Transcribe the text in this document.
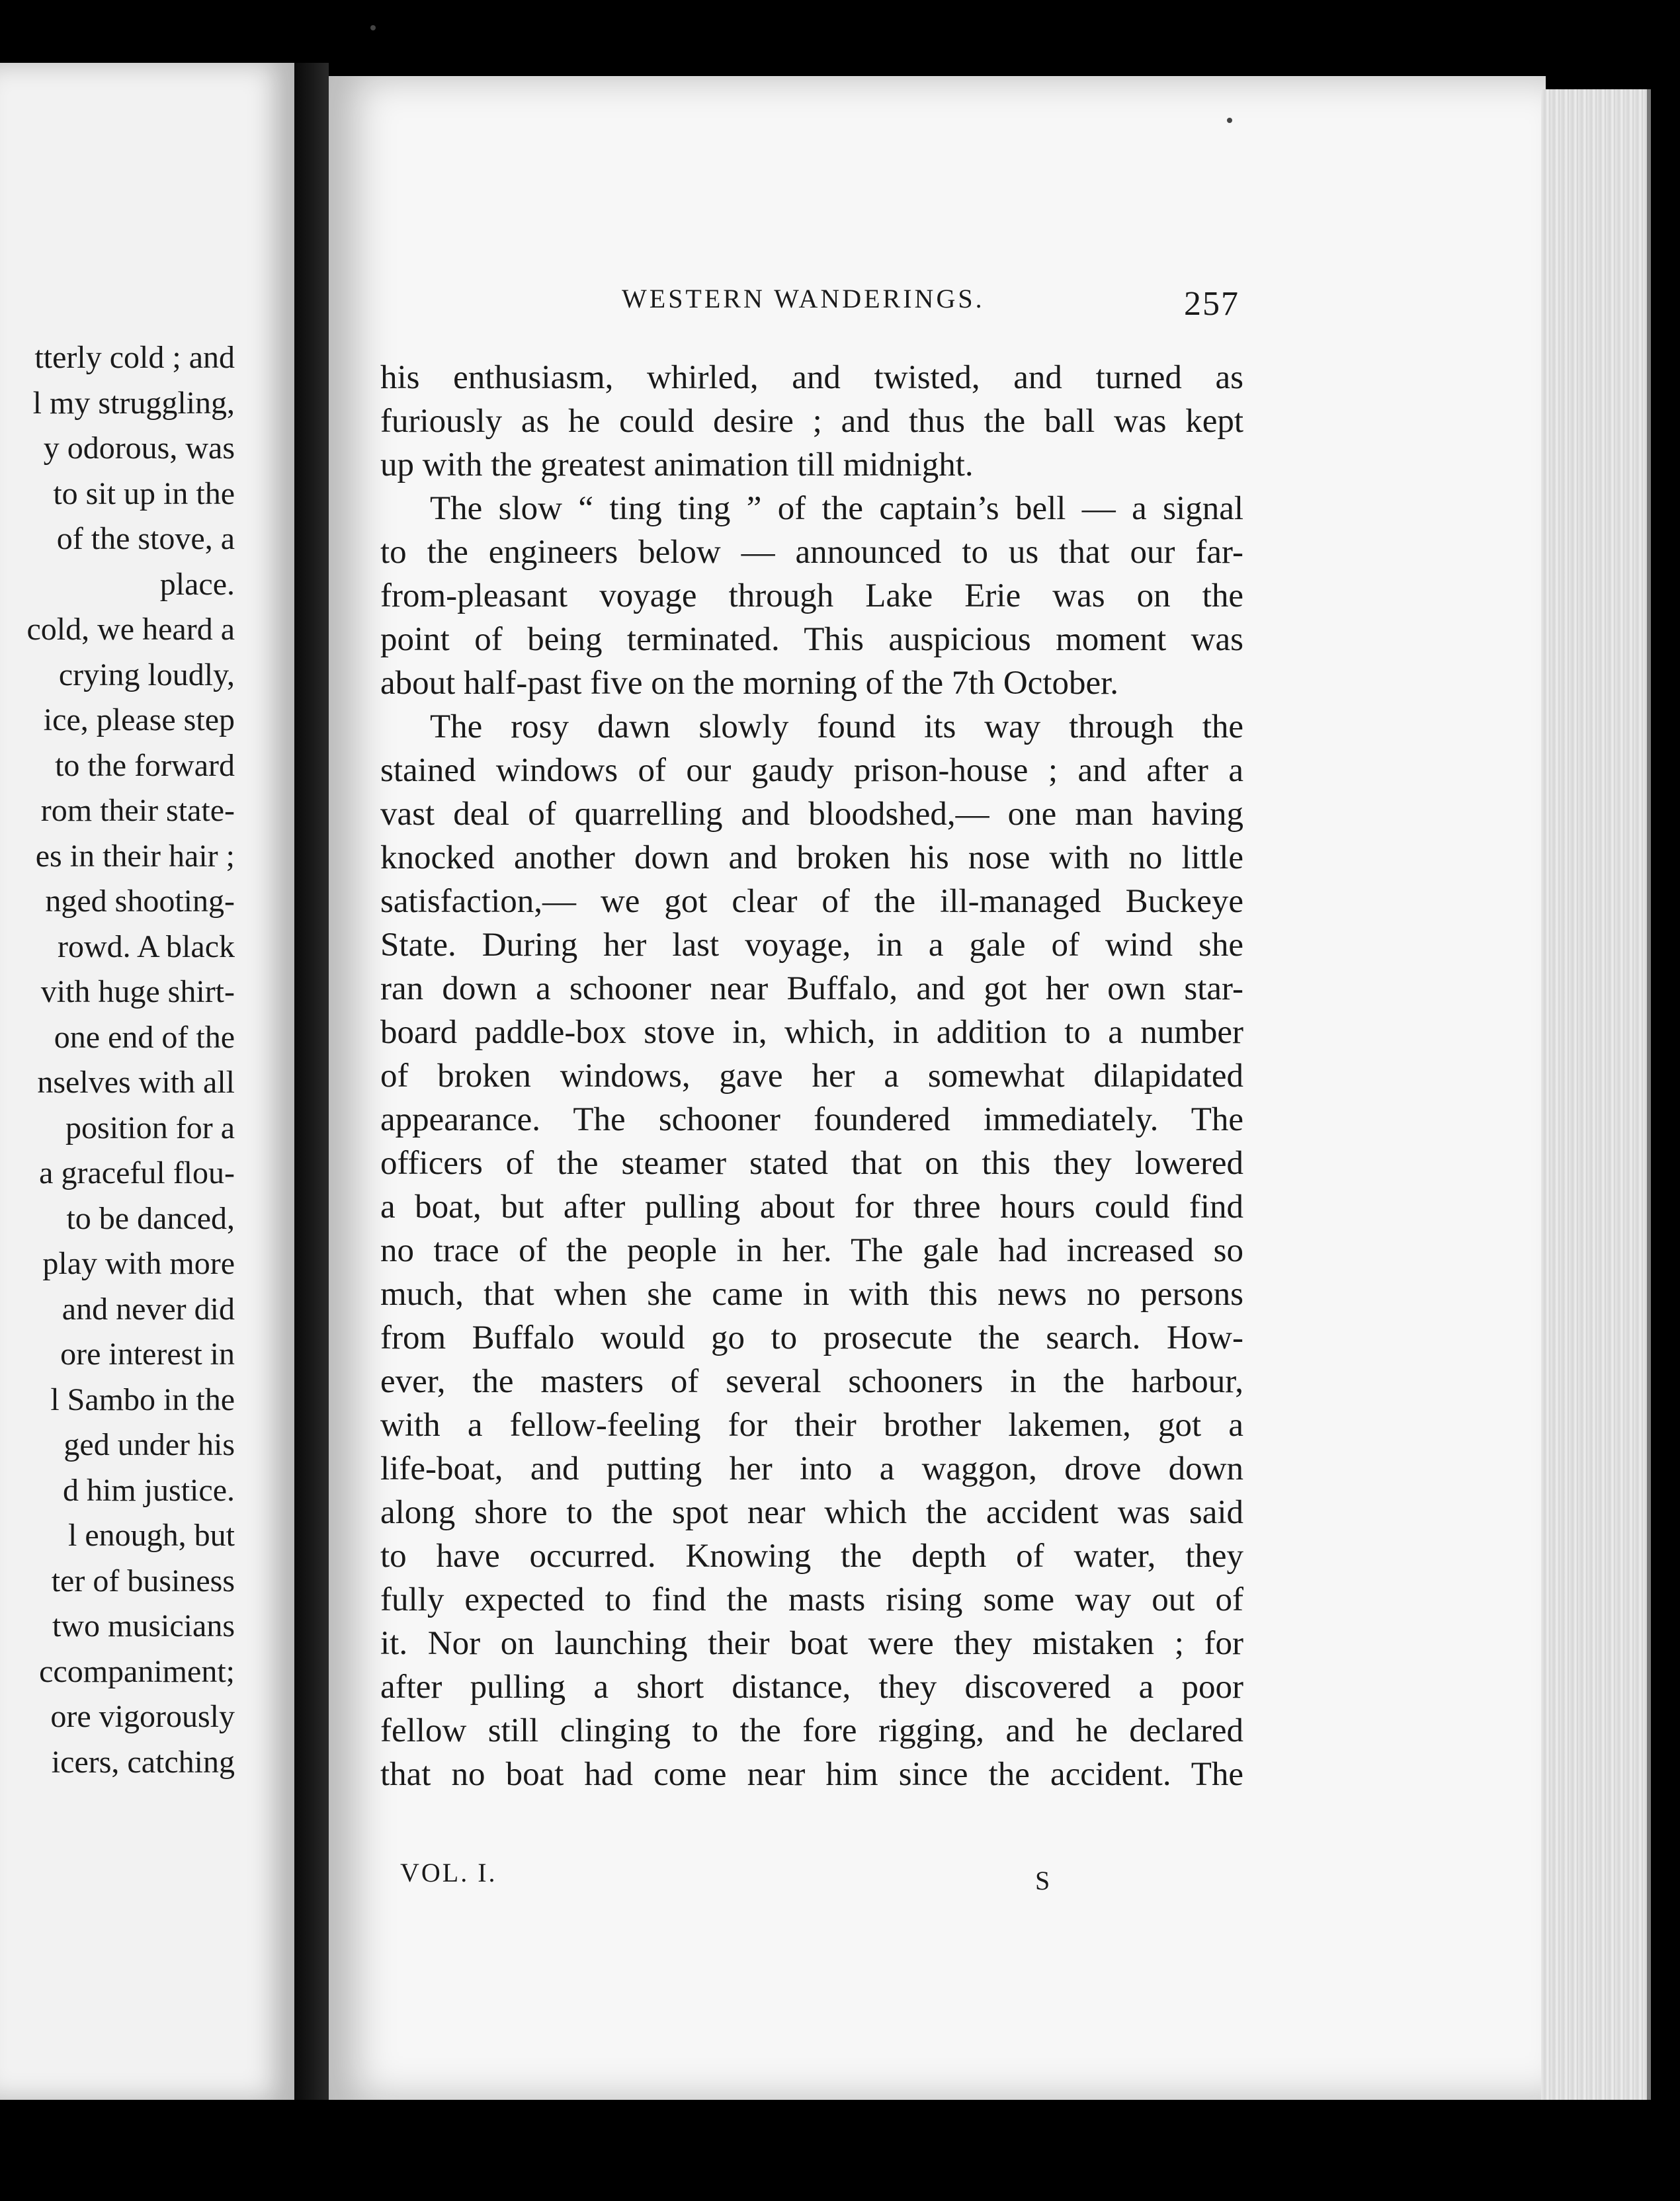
tterly cold ; and
l my struggling,
y odorous, was
to sit up in the
of the stove, a
place.
cold, we heard a
crying loudly,
ice, please step
to the forward
rom their state-
es in their hair ;
nged shooting-
rowd. A black
vith huge shirt-
one end of the
nselves with all
position for a
a graceful flou-
to be danced,
play with more
and never did
ore interest in
l Sambo in the
ged under his
d him justice.
l enough, but
ter of business
two musicians
ccompaniment;
ore vigorously
icers, catching
WESTERN WANDERINGS.	257
his enthusiasm, whirled, and twisted, and turned as
furiously as he could desire ; and thus the ball was kept
up with the greatest animation till midnight.
The slow “ ting ting ” of the captain’s bell — a signal
to the engineers below — announced to us that our far-
from-pleasant voyage through Lake Erie was on the
point of being terminated. This auspicious moment was
about half-past five on the morning of the 7th October.
The rosy dawn slowly found its way through the
stained windows of our gaudy prison-house ; and after a
vast deal of quarrelling and bloodshed,— one man having
knocked another down and broken his nose with no little
satisfaction,— we got clear of the ill-managed Buckeye
State. During her last voyage, in a gale of wind she
ran down a schooner near Buffalo, and got her own star-
board paddle-box stove in, which, in addition to a number
of broken windows, gave her a somewhat dilapidated
appearance. The schooner foundered immediately. The
officers of the steamer stated that on this they lowered
a boat, but after pulling about for three hours could find
no trace of the people in her. The gale had increased so
much, that when she came in with this news no persons
from Buffalo would go to prosecute the search. How-
ever, the masters of several schooners in the harbour,
with a fellow-feeling for their brother lakemen, got a
life-boat, and putting her into a waggon, drove down
along shore to the spot near which the accident was said
to have occurred. Knowing the depth of water, they
fully expected to find the masts rising some way out of
it. Nor on launching their boat were they mistaken ; for
after pulling a short distance, they discovered a poor
fellow still clinging to the fore rigging, and he declared
that no boat had come near him since the accident. The
VOL. I.	S
